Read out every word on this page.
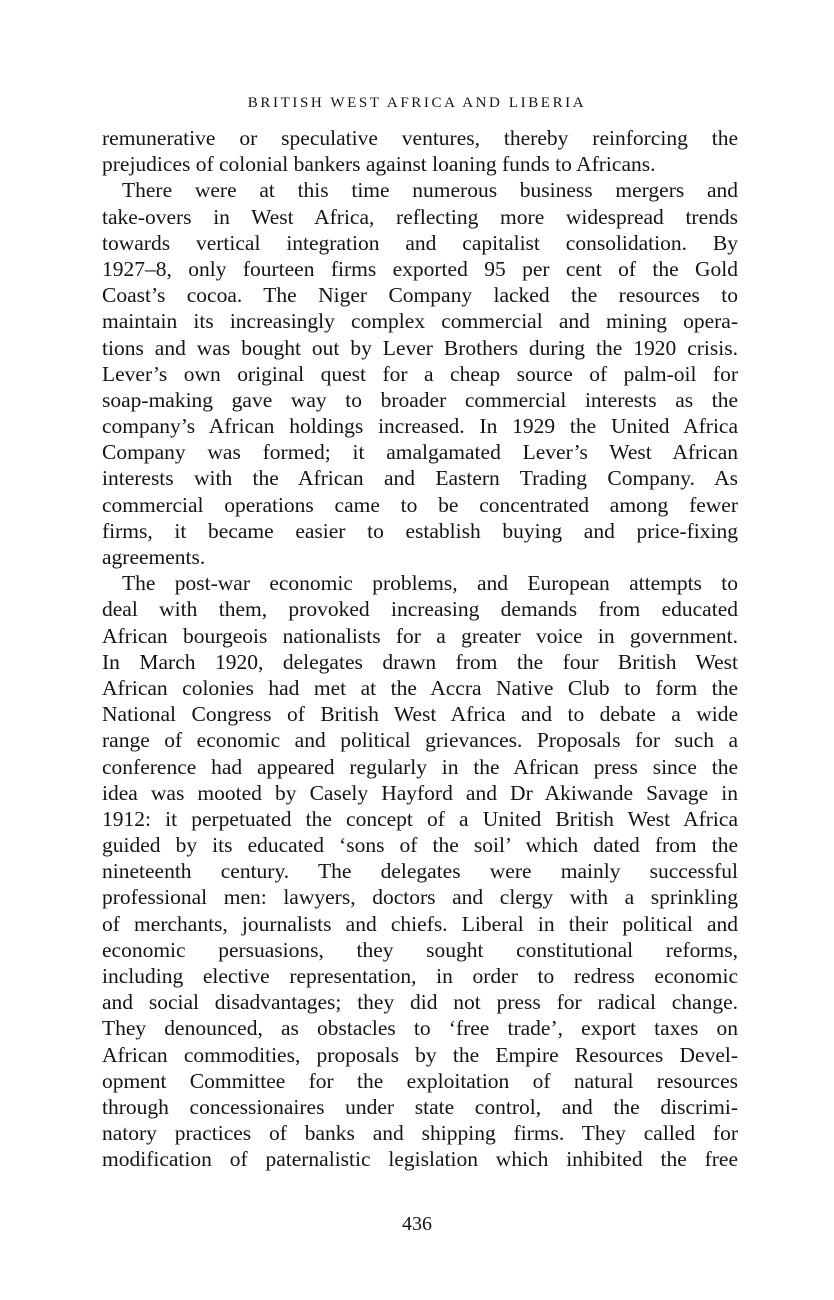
BRITISH WEST AFRICA AND LIBERIA
remunerative or speculative ventures, thereby reinforcing the
prejudices of colonial bankers against loaning funds to Africans.
There were at this time numerous business mergers and
take-overs in West Africa, reflecting more widespread trends
towards vertical integration and capitalist consolidation. By
1927–8, only fourteen firms exported 95 per cent of the Gold
Coast’s cocoa. The Niger Company lacked the resources to
maintain its increasingly complex commercial and mining opera-
tions and was bought out by Lever Brothers during the 1920 crisis.
Lever’s own original quest for a cheap source of palm-oil for
soap-making gave way to broader commercial interests as the
company’s African holdings increased. In 1929 the United Africa
Company was formed; it amalgamated Lever’s West African
interests with the African and Eastern Trading Company. As
commercial operations came to be concentrated among fewer
firms, it became easier to establish buying and price-fixing
agreements.
The post-war economic problems, and European attempts to
deal with them, provoked increasing demands from educated
African bourgeois nationalists for a greater voice in government.
In March 1920, delegates drawn from the four British West
African colonies had met at the Accra Native Club to form the
National Congress of British West Africa and to debate a wide
range of economic and political grievances. Proposals for such a
conference had appeared regularly in the African press since the
idea was mooted by Casely Hayford and Dr Akiwande Savage in
1912: it perpetuated the concept of a United British West Africa
guided by its educated ‘sons of the soil’ which dated from the
nineteenth century. The delegates were mainly successful
professional men: lawyers, doctors and clergy with a sprinkling
of merchants, journalists and chiefs. Liberal in their political and
economic persuasions, they sought constitutional reforms,
including elective representation, in order to redress economic
and social disadvantages; they did not press for radical change.
They denounced, as obstacles to ‘free trade’, export taxes on
African commodities, proposals by the Empire Resources Devel-
opment Committee for the exploitation of natural resources
through concessionaires under state control, and the discrimi-
natory practices of banks and shipping firms. They called for
modification of paternalistic legislation which inhibited the free
436
